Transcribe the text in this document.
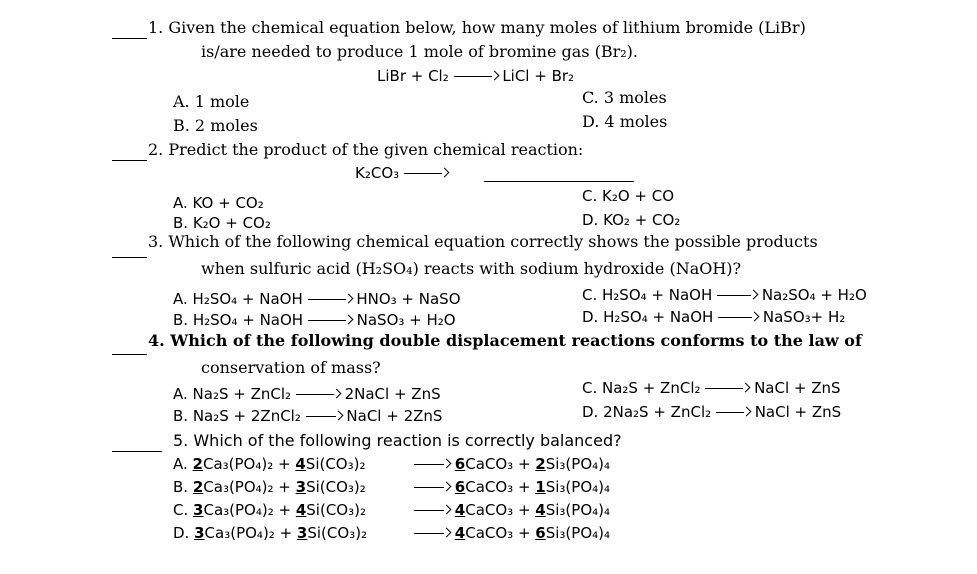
1. Given the chemical equation below, how many moles of lithium bromide (LiBr)
is/are needed to produce 1 mole of bromine gas (Br₂).
LiBr + Cl₂	LiCl + Br₂
A. 1 mole
B. 2 moles
C. 3 moles
D. 4 moles
2. Predict the product of the given chemical reaction:
K₂CO₃
A. KO + CO₂
B. K₂O + CO₂
C. K₂O + CO
D. KO₂ + CO₂
3. Which of the following chemical equation correctly shows the possible products
when sulfuric acid (H₂SO₄) reacts with sodium hydroxide (NaOH)?
A. H₂SO₄ + NaOH	HNO₃ + NaSO
B. H₂SO₄ + NaOH	NaSO₃ + H₂O
C. H₂SO₄ + NaOH	Na₂SO₄ + H₂O
D. H₂SO₄ + NaOH	NaSO₃+ H₂
4. Which of the following double displacement reactions conforms to the law of
conservation of mass?
A. Na₂S + ZnCl₂	2NaCl + ZnS
B. Na₂S + 2ZnCl₂	NaCl + 2ZnS
C. Na₂S + ZnCl₂	NaCl + ZnS
D. 2Na₂S + ZnCl₂	NaCl + ZnS
5. Which of the following reaction is correctly balanced?
A. 2Ca₃(PO₄)₂ + 4Si(CO₃)₂	6CaCO₃ + 2Si₃(PO₄)₄
B. 2Ca₃(PO₄)₂ + 3Si(CO₃)₂	6CaCO₃ + 1Si₃(PO₄)₄
C. 3Ca₃(PO₄)₂ + 4Si(CO₃)₂	4CaCO₃ + 4Si₃(PO₄)₄
D. 3Ca₃(PO₄)₂ + 3Si(CO₃)₂	4CaCO₃ + 6Si₃(PO₄)₄
